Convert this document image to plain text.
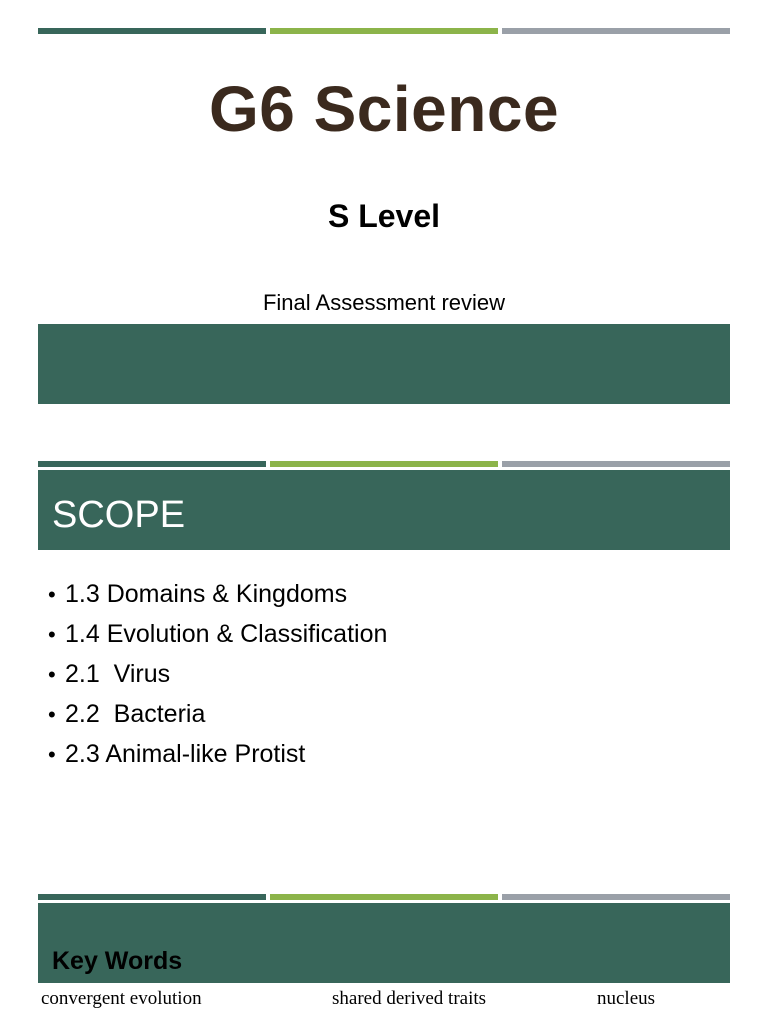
G6 Science
S Level
Final Assessment review
SCOPE
• 1.3 Domains & Kingdoms
• 1.4 Evolution & Classification
• 2.1  Virus
• 2.2  Bacteria
• 2.3 Animal-like Protist
Key Words
convergent evolution	shared derived traits	nucleus
